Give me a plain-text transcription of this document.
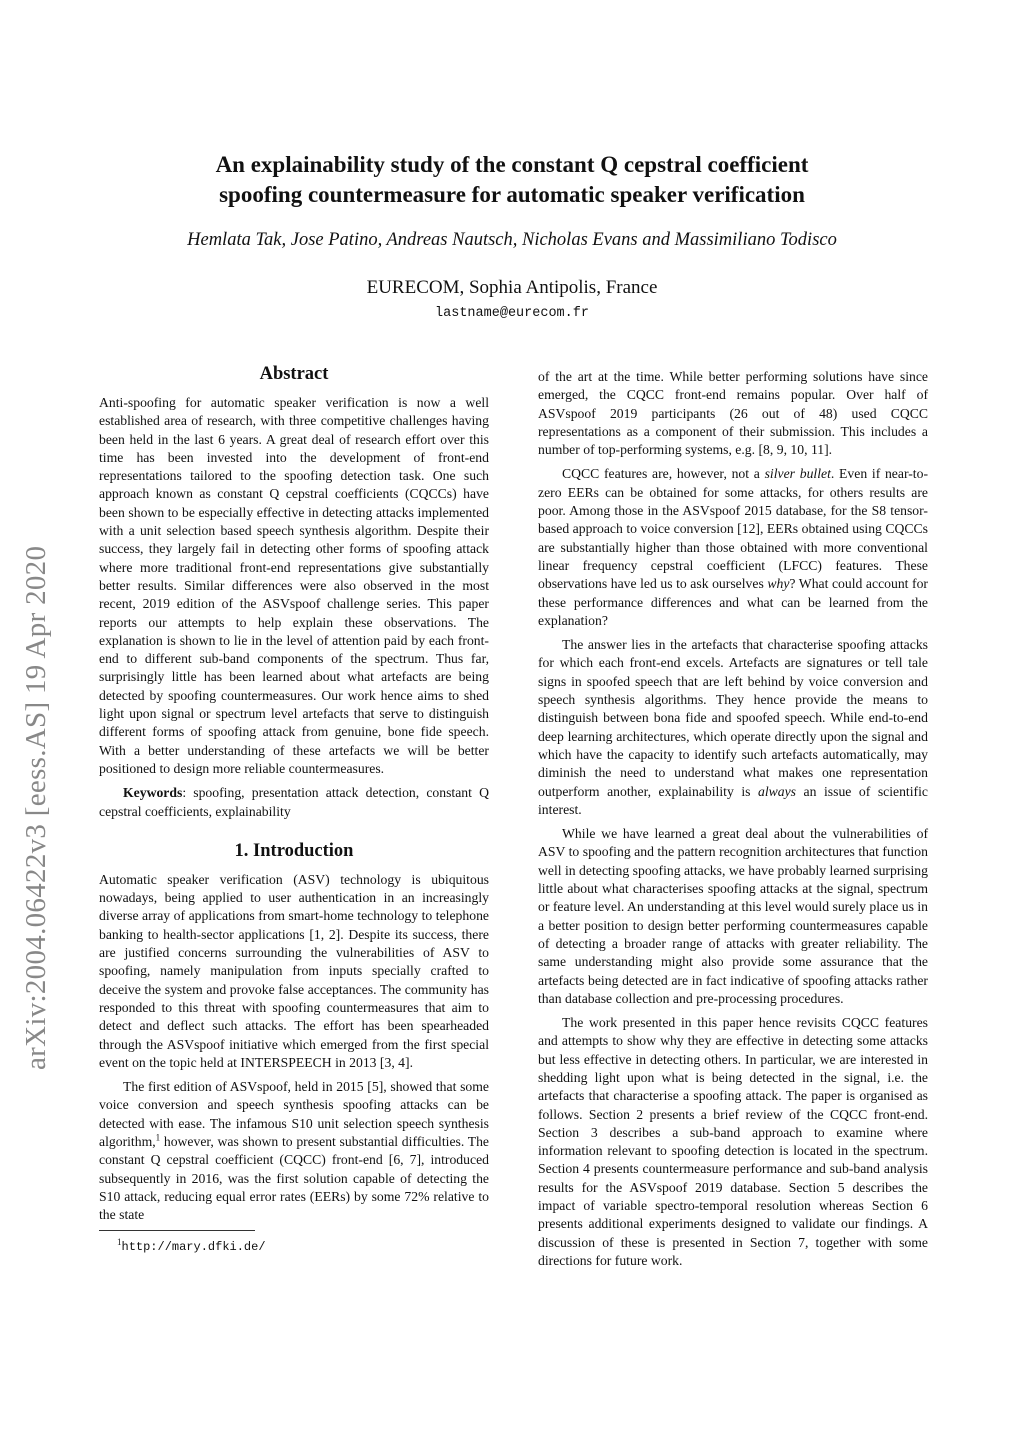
An explainability study of the constant Q cepstral coefficient
spoofing countermeasure for automatic speaker verification
Hemlata Tak, Jose Patino, Andreas Nautsch, Nicholas Evans and Massimiliano Todisco
EURECOM, Sophia Antipolis, France
lastname@eurecom.fr
arXiv:2004.06422v3 [eess.AS] 19 Apr 2020
Abstract

Anti-spoofing for automatic speaker verification is now a well established area of research, with three competitive challenges having been held in the last 6 years. A great deal of research effort over this time has been invested into the development of front-end representations tailored to the spoofing detection task. One such approach known as constant Q cepstral coefficients (CQCCs) have been shown to be especially effective in detecting attacks implemented with a unit selection based speech synthesis algorithm. Despite their success, they largely fail in detecting other forms of spoofing attack where more traditional front-end representations give substantially better results. Similar differences were also observed in the most recent, 2019 edition of the ASVspoof challenge series. This paper reports our attempts to help explain these observations. The explanation is shown to lie in the level of attention paid by each front-end to different sub-band components of the spectrum. Thus far, surprisingly little has been learned about what artefacts are being detected by spoofing countermeasures. Our work hence aims to shed light upon signal or spectrum level artefacts that serve to distinguish different forms of spoofing attack from genuine, bone fide speech. With a better understanding of these artefacts we will be better positioned to design more reliable countermeasures.

Keywords: spoofing, presentation attack detection, constant Q cepstral coefficients, explainability

1. Introduction

Automatic speaker verification (ASV) technology is ubiquitous nowadays, being applied to user authentication in an increasingly diverse array of applications from smart-home technology to telephone banking to health-sector applications [1, 2]. Despite its success, there are justified concerns surrounding the vulnerabilities of ASV to spoofing, namely manipulation from inputs specially crafted to deceive the system and provoke false acceptances. The community has responded to this threat with spoofing countermeasures that aim to detect and deflect such attacks. The effort has been spearheaded through the ASVspoof initiative which emerged from the first special event on the topic held at INTERSPEECH in 2013 [3, 4].

The first edition of ASVspoof, held in 2015 [5], showed that some voice conversion and speech synthesis spoofing attacks can be detected with ease. The infamous S10 unit selection speech synthesis algorithm,$^1$ however, was shown to present substantial difficulties. The constant Q cepstral coefficient (CQCC) front-end [6, 7], introduced subsequently in 2016, was the first solution capable of detecting the S10 attack, reducing equal error rates (EERs) by some 72% relative to the state

$^1$http://mary.dfki.de/

of the art at the time. While better performing solutions have since emerged, the CQCC front-end remains popular. Over half of ASVspoof 2019 participants (26 out of 48) used CQCC representations as a component of their submission. This includes a number of top-performing systems, e.g. [8, 9, 10, 11].

CQCC features are, however, not a silver bullet. Even if near-to-zero EERs can be obtained for some attacks, for others results are poor. Among those in the ASVspoof 2015 database, for the S8 tensor-based approach to voice conversion [12], EERs obtained using CQCCs are substantially higher than those obtained with more conventional linear frequency cepstral coefficient (LFCC) features. These observations have led us to ask ourselves why? What could account for these performance differences and what can be learned from the explanation?

The answer lies in the artefacts that characterise spoofing attacks for which each front-end excels. Artefacts are signatures or tell tale signs in spoofed speech that are left behind by voice conversion and speech synthesis algorithms. They hence provide the means to distinguish between bona fide and spoofed speech. While end-to-end deep learning architectures, which operate directly upon the signal and which have the capacity to identify such artefacts automatically, may diminish the need to understand what makes one representation outperform another, explainability is always an issue of scientific interest.

While we have learned a great deal about the vulnerabilities of ASV to spoofing and the pattern recognition architectures that function well in detecting spoofing attacks, we have probably learned surprising little about what characterises spoofing attacks at the signal, spectrum or feature level. An understanding at this level would surely place us in a better position to design better performing countermeasures capable of detecting a broader range of attacks with greater reliability. The same understanding might also provide some assurance that the artefacts being detected are in fact indicative of spoofing attacks rather than database collection and pre-processing procedures.

The work presented in this paper hence revisits CQCC features and attempts to show why they are effective in detecting some attacks but less effective in detecting others. In particular, we are interested in shedding light upon what is being detected in the signal, i.e. the artefacts that characterise a spoofing attack. The paper is organised as follows. Section 2 presents a brief review of the CQCC front-end. Section 3 describes a sub-band approach to examine where information relevant to spoofing detection is located in the spectrum. Section 4 presents countermeasure performance and sub-band analysis results for the ASVspoof 2019 database. Section 5 describes the impact of variable spectro-temporal resolution whereas Section 6 presents additional experiments designed to validate our findings. A discussion of these is presented in Section 7, together with some directions for future work.
